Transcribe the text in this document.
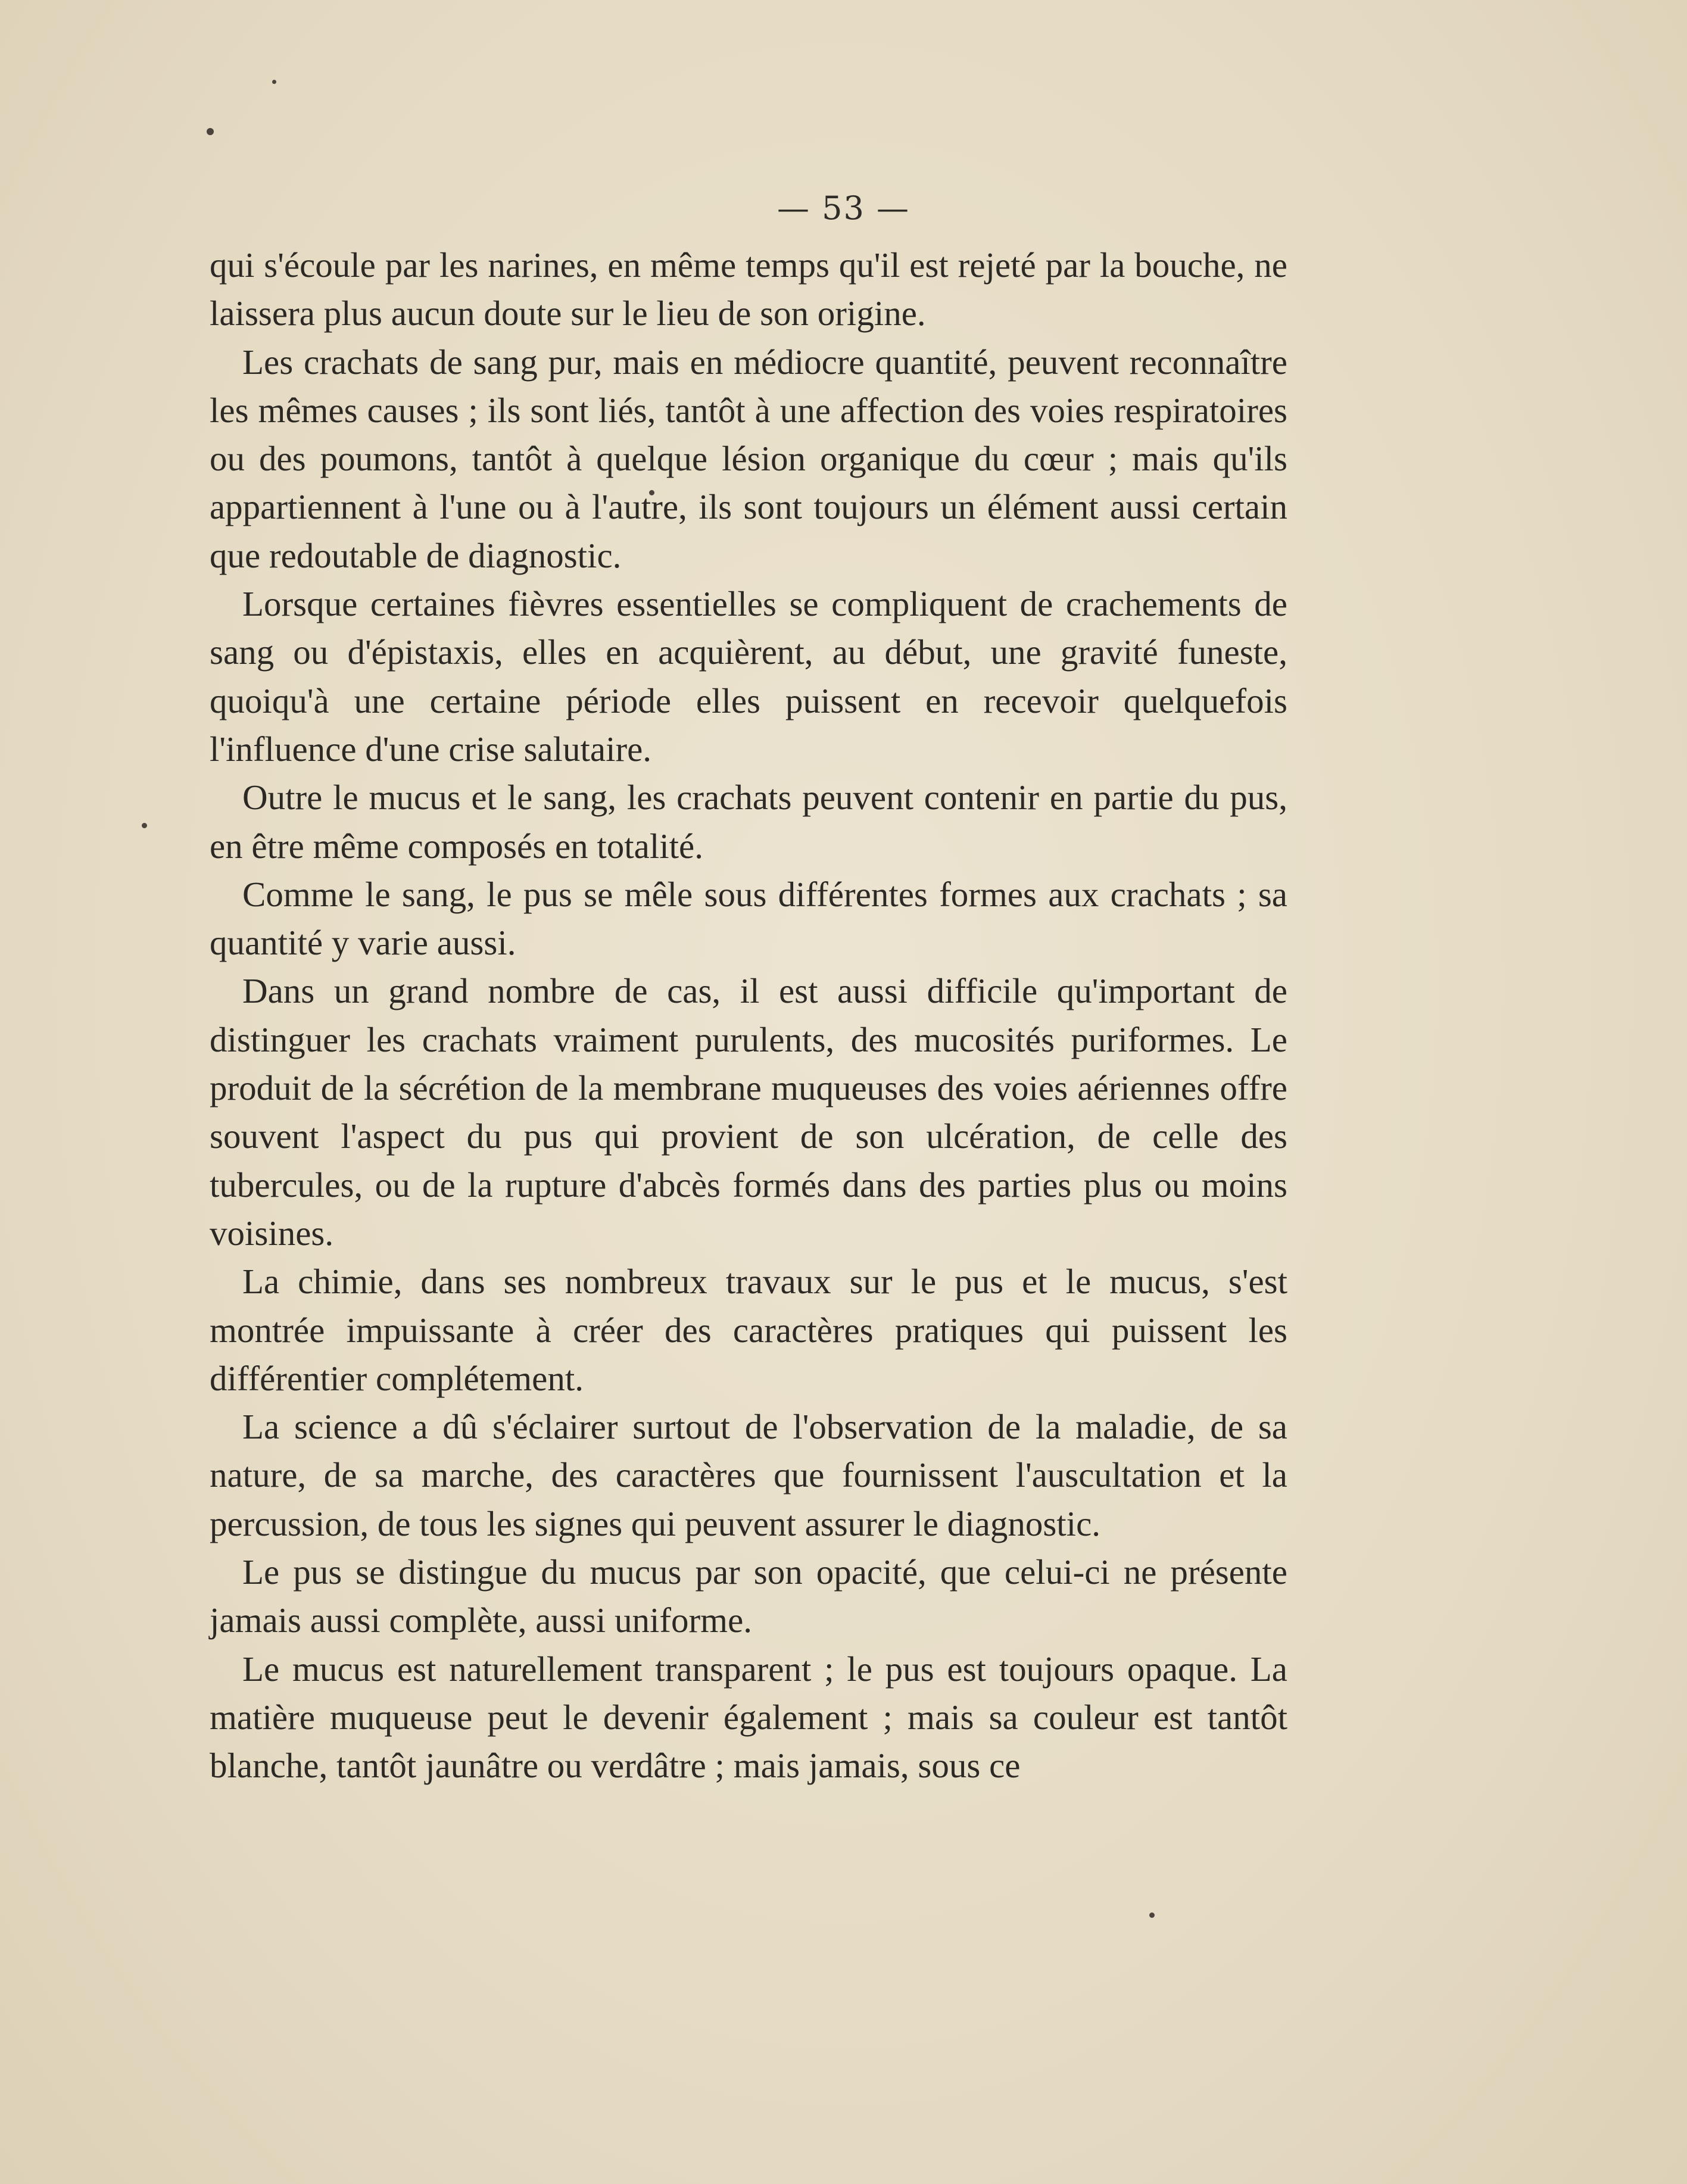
— 53 —

qui s'écoule par les narines, en même temps qu'il est rejeté par la bouche, ne laissera plus aucun doute sur le lieu de son origine.

Les crachats de sang pur, mais en médiocre quantité, peuvent reconnaître les mêmes causes ; ils sont liés, tantôt à une affection des voies respiratoires ou des poumons, tantôt à quelque lésion organique du cœur ; mais qu'ils appartiennent à l'une ou à l'autre, ils sont toujours un élément aussi certain que redoutable de diagnostic.

Lorsque certaines fièvres essentielles se compliquent de crachements de sang ou d'épistaxis, elles en acquièrent, au début, une gravité funeste, quoiqu'à une certaine période elles puissent en recevoir quelquefois l'influence d'une crise salutaire.

Outre le mucus et le sang, les crachats peuvent contenir en partie du pus, en être même composés en totalité.

Comme le sang, le pus se mêle sous différentes formes aux crachats ; sa quantité y varie aussi.

Dans un grand nombre de cas, il est aussi difficile qu'important de distinguer les crachats vraiment purulents, des mucosités puriformes. Le produit de la sécrétion de la membrane muqueuses des voies aériennes offre souvent l'aspect du pus qui provient de son ulcération, de celle des tubercules, ou de la rupture d'abcès formés dans des parties plus ou moins voisines.

La chimie, dans ses nombreux travaux sur le pus et le mucus, s'est montrée impuissante à créer des caractères pratiques qui puissent les différentier complétement.

La science a dû s'éclairer surtout de l'observation de la maladie, de sa nature, de sa marche, des caractères que fournissent l'auscultation et la percussion, de tous les signes qui peuvent assurer le diagnostic.

Le pus se distingue du mucus par son opacité, que celui-ci ne présente jamais aussi complète, aussi uniforme.

Le mucus est naturellement transparent ; le pus est toujours opaque. La matière muqueuse peut le devenir également ; mais sa couleur est tantôt blanche, tantôt jaunâtre ou verdâtre ; mais jamais, sous ce
